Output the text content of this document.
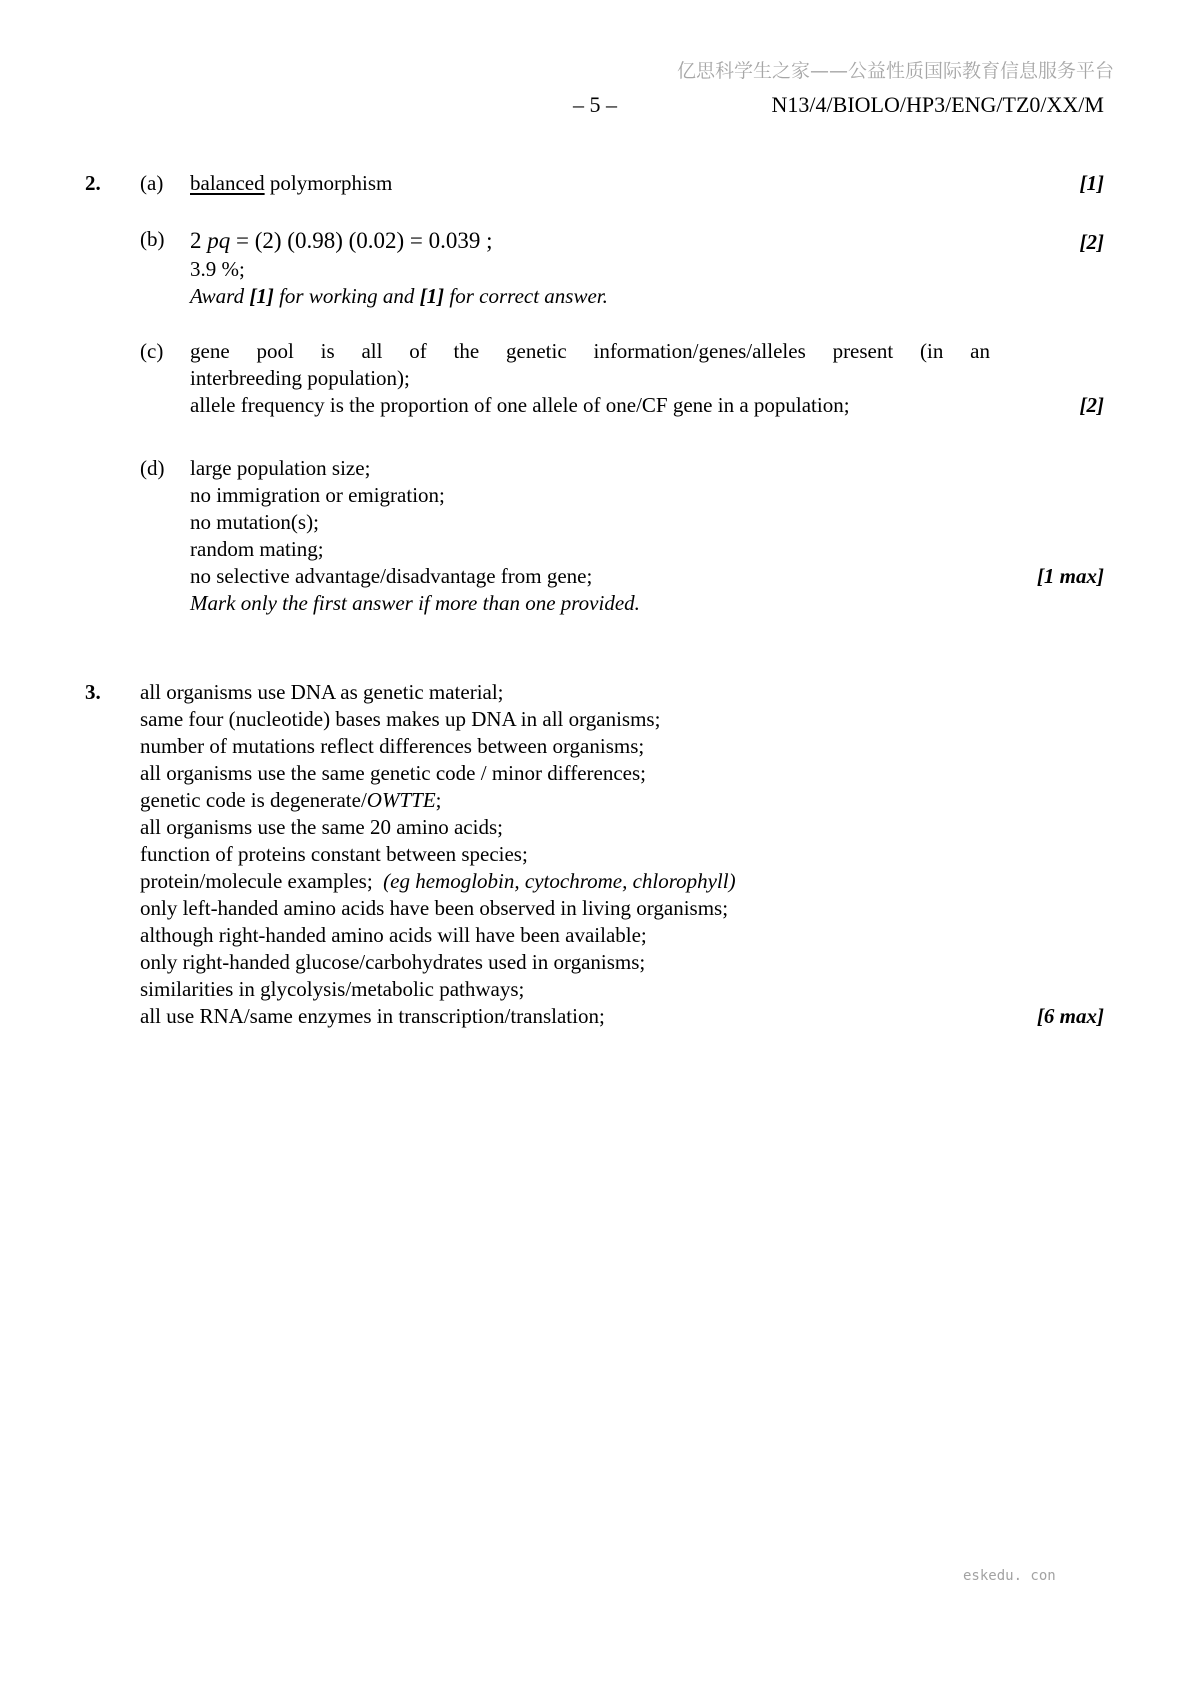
亿思科学生之家——公益性质国际教育信息服务平台
– 5 –	N13/4/BIOLO/HP3/ENG/TZ0/XX/M
2.	(a)	balanced polymorphism	[1]
(b)	2 pq = (2) (0.98) (0.02) = 0.039 ;	[2]
3.9 %;
Award [1] for working and [1] for correct answer.
(c)	gene pool is all of the genetic information/genes/alleles present (in an
interbreeding population);
allele frequency is the proportion of one allele of one/CF gene in a population;	[2]
(d)	large population size;
no immigration or emigration;
no mutation(s);
random mating;
no selective advantage/disadvantage from gene;	[1 max]
Mark only the first answer if more than one provided.
3.	all organisms use DNA as genetic material;
same four (nucleotide) bases makes up DNA in all organisms;
number of mutations reflect differences between organisms;
all organisms use the same genetic code / minor differences;
genetic code is degenerate/OWTTE;
all organisms use the same 20 amino acids;
function of proteins constant between species;
protein/molecule examples;  (eg hemoglobin, cytochrome, chlorophyll)
only left-handed amino acids have been observed in living organisms;
although right-handed amino acids will have been available;
only right-handed glucose/carbohydrates used in organisms;
similarities in glycolysis/metabolic pathways;
all use RNA/same enzymes in transcription/translation;	[6 max]
eskedu. con
